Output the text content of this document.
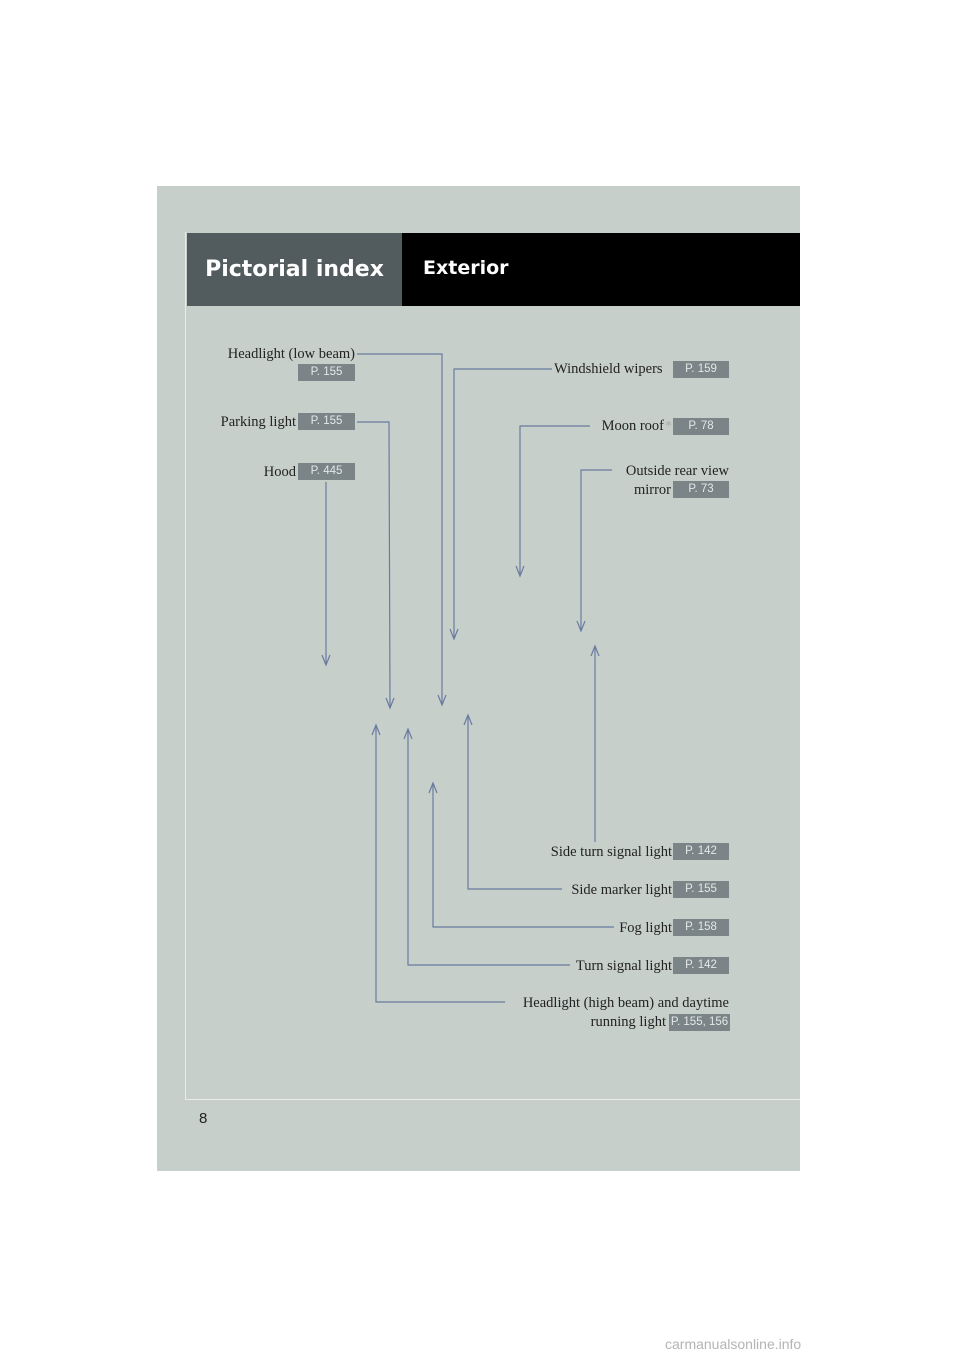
Pictorial index	Exterior
Headlight (low beam)
P. 155
Parking light	P. 155
Hood	P. 445
Windshield wipers	P. 159
Moon roof*	P. 78
Outside rear view
mirror	P. 73
Side turn signal light	P. 142
Side marker light	P. 155
Fog light	P. 158
Turn signal light	P. 142
Headlight (high beam) and daytime
running light P. 155, 156
8
carmanualsonline.info
